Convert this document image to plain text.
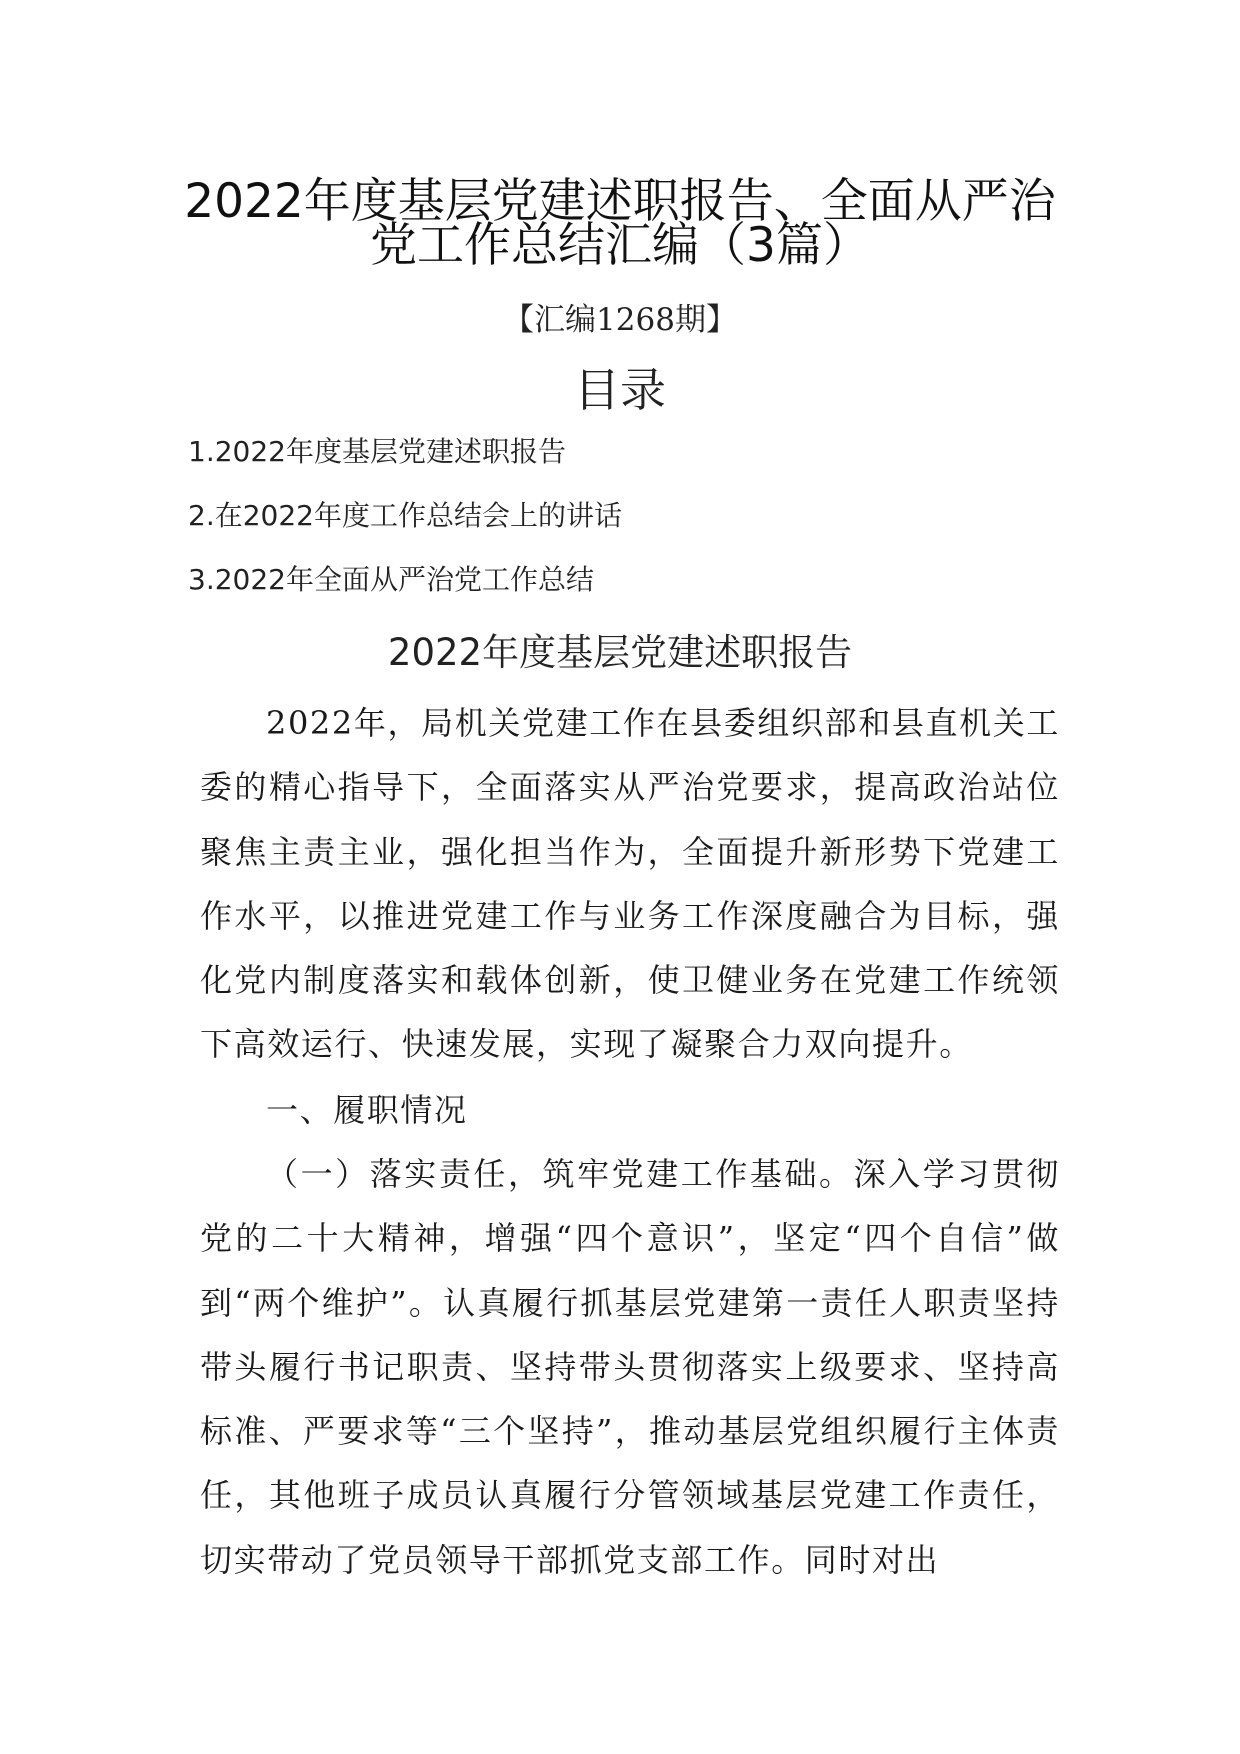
2022年度基层党建述职报告、全面从严治
党工作总结汇编（3篇）
【汇编1268期】
目录
1.2022年度基层党建述职报告
2.在2022年度工作总结会上的讲话
3.2022年全面从严治党工作总结
2022年度基层党建述职报告

2022年，局机关党建工作在县委组织部和县直机关工委的精心指导下，全面落实从严治党要求，提高政治站位聚焦主责主业，强化担当作为，全面提升新形势下党建工作水平，以推进党建工作与业务工作深度融合为目标，强化党内制度落实和载体创新，使卫健业务在党建工作统领下高效运行、快速发展，实现了凝聚合力双向提升。

一、履职情况

（一）落实责任，筑牢党建工作基础。深入学习贯彻党的二十大精神，增强“四个意识”，坚定“四个自信”做到“两个维护”。认真履行抓基层党建第一责任人职责坚持带头履行书记职责、坚持带头贯彻落实上级要求、坚持高标准、严要求等“三个坚持”，推动基层党组织履行主体责任，其他班子成员认真履行分管领域基层党建工作责任，切实带动了党员领导干部抓党支部工作。同时对出
